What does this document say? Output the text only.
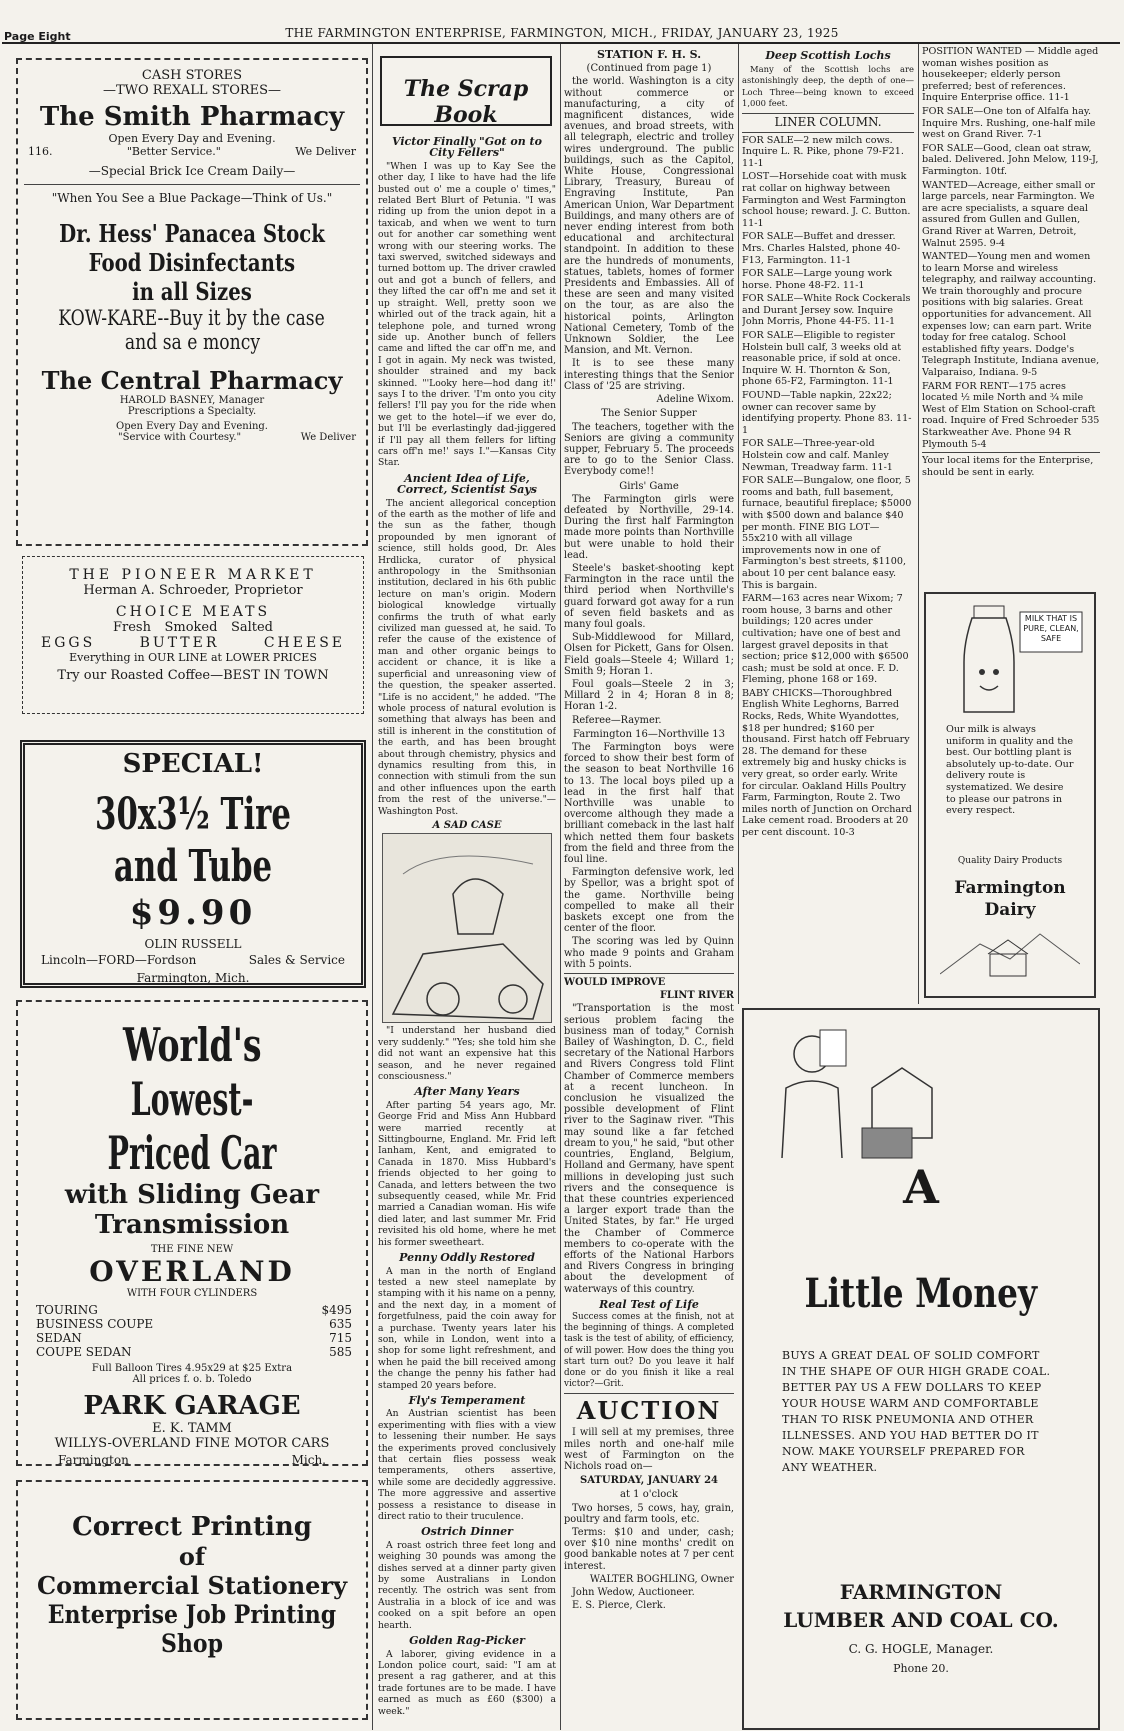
Page Eight	THE FARMINGTON ENTERPRISE, FARMINGTON, MICH., FRIDAY, JANUARY 23, 1925
CASH STORES
—TWO REXALL STORES—
The Smith Pharmacy
Open Every Day and Evening.
116.	"Better Service."	We Deliver
—Special Brick Ice Cream Daily—
"When You See a Blue Package—Think of Us."
Dr. Hess' Panacea Stock
Food Disinfectants
in all Sizes
KOW-KARE--Buy it by the case
and sa e monсy
The Central Pharmacy
HAROLD BASNEY, Manager
Prescriptions a Specialty.
Open Every Day and Evening.
"Service with Courtesy."	We Deliver
THE PIONEER MARKET
Herman A. Schroeder, Proprietor
CHOICE MEATS
Fresh Smoked Salted
EGGS	BUTTER	CHEESE
Everything in OUR LINE at LOWER PRICES
Try our Roasted Coffee—BEST IN TOWN
SPECIAL!
30x3½ Tire and Tube
$9.90
OLIN RUSSELL
Lincoln—FORD—Fordson	Sales & Service
Farmington, Mich.
World's
Lowest-Priced Car
with Sliding Gear
Transmission
THE FINE NEW
OVERLAND
WITH FOUR CYLINDERS
TOURING	$495
BUSINESS COUPE	635
SEDAN	715
COUPE SEDAN	585
Full Balloon Tires 4.95x29 at $25 Extra
All prices f. o. b. Toledo
PARK GARAGE
E. K. TAMM
WILLYS-OVERLAND FINE MOTOR CARS
Farmington	Mich.
Correct Printing
of
Commercial Stationery
Enterprise Job Printing Shop
The Scrap Book

Victor Finally "Got on to City Fellers"

"When I was up to Kay See the other day, I like to have had the life busted out o' me a couple o' times," related Bert Blurt of Petunia. "I was riding up from the union depot in a taxicab, and when we went to turn out for another car something went wrong with our steering works. The taxi swerved, switched sideways and turned bottom up. The driver crawled out and got a bunch of fellers, and they lifted the car off'n me and set it up straight. Well, pretty soon we whirled out of the track again, hit a telephone pole, and turned wrong side up. Another bunch of fellers came and lifted the car off'n me, and I got in again. My neck was twisted, shoulder strained and my back skinned. "'Looky here—hod dang it!' says I to the driver. 'I'm onto you city fellers! I'll pay you for the ride when we get to the hotel—if we ever do, but I'll be everlastingly dad-jiggered if I'll pay all them fellers for lifting cars off'n me!' says I."—Kansas City Star.

Ancient Idea of Life, Correct, Scientist Says

The ancient allegorical conception of the earth as the mother of life and the sun as the father, though propounded by men ignorant of science, still holds good, Dr. Ales Hrdlicka, curator of physical anthropology in the Smithsonian institution, declared in his 6th public lecture on man's origin. Modern biological knowledge virtually confirms the truth of what early civilized man guessed at, he said. To refer the cause of the existence of man and other organic beings to accident or chance, it is like a superficial and unreasoning view of the question, the speaker asserted. "Life is no accident," he added. "The whole process of natural evolution is something that always has been and still is inherent in the constitution of the earth, and has been brought about through chemistry, physics and dynamics resulting from this, in connection with stimuli from the sun and other influences upon the earth from the rest of the universe."—Washington Post.

A SAD CASE

"I understand her husband died very suddenly." "Yes; she told him she did not want an expensive hat this season, and he never regained consciousness."

After Many Years

After parting 54 years ago, Mr. George Frid and Miss Ann Hubbard were married recently at Sittingbourne, England. Mr. Frid left Ianham, Kent, and emigrated to Canada in 1870. Miss Hubbard's friends objected to her going to Canada, and letters between the two subsequently ceased, while Mr. Frid married a Canadian woman. His wife died later, and last summer Mr. Frid revisited his old home, where he met his former sweetheart.

Penny Oddly Restored

A man in the north of England tested a new steel nameplate by stamping with it his name on a penny, and the next day, in a moment of forgetfulness, paid the coin away for a purchase. Twenty years later his son, while in London, went into a shop for some light refreshment, and when he paid the bill received among the change the penny his father had stamped 20 years before.

Fly's Temperament

An Austrian scientist has been experimenting with flies with a view to lessening their number. He says the experiments proved conclusively that certain flies possess weak temperaments, others assertive, while some are decidedly aggressive. The more aggressive and assertive possess a resistance to disease in direct ratio to their truculence.

Ostrich Dinner

A roast ostrich three feet long and weighing 30 pounds was among the dishes served at a dinner party given by some Australians in London recently. The ostrich was sent from Australia in a block of ice and was cooked on a spit before an open hearth.

Golden Rag-Picker

A laborer, giving evidence in a London police court, said: "I am at present a rag gatherer, and at this trade fortunes are to be made. I have earned as much as £60 ($300) a week."

STATION F. H. S.

(Continued from page 1)

the world. Washington is a city without commerce or manufacturing, a city of magnificent distances, wide avenues, and broad streets, with all telegraph, electric and trolley wires underground. The public buildings, such as the Capitol, White House, Congressional Library, Treasury, Bureau of Engraving Institute, Pan American Union, War Department Buildings, and many others are of never ending interest from both educational and architectural standpoint. In addition to these are the hundreds of monuments, statues, tablets, homes of former Presidents and Embassies. All of these are seen and many visited on the tour, as are also the historical points, Arlington National Cemetery, Tomb of the Unknown Soldier, the Lee Mansion, and Mt. Vernon.

It is to see these many interesting things that the Senior Class of '25 are striving.

Adeline Wixom.

The Senior Supper

The teachers, together with the Seniors are giving a community supper, February 5. The proceeds are to go to the Senior Class. Everybody come!!

Girls' Game

The Farmington girls were defeated by Northville, 29-14. During the first half Farmington made more points than Northville but were unable to hold their lead.

Steele's basket-shooting kept Farmington in the race until the third period when Northville's guard forward got away for a run of seven field baskets and as many foul goals.

Sub-Middlewood for Millard, Olsen for Pickett, Gans for Olsen. Field goals—Steele 4; Willard 1; Smith 9; Horan 1.

Foul goals—Steele 2 in 3; Millard 2 in 4; Horan 8 in 8; Horan 1-2.

Referee—Raymer.

Farmington 16—Northville 13

The Farmington boys were forced to show their best form of the season to beat Northville 16 to 13. The local boys piled up a lead in the first half that Northville was unable to overcome although they made a brilliant comeback in the last half which netted them four baskets from the field and three from the foul line.

Farmington defensive work, led by Spellor, was a bright spot of the game. Northville being compelled to make all their baskets except one from the center of the floor.

The scoring was led by Quinn who made 9 points and Graham with 5 points.

WOULD IMPROVE

FLINT RIVER

"Transportation is the most serious problem facing the business man of today," Cornish Bailey of Washington, D. C., field secretary of the National Harbors and Rivers Congress told Flint Chamber of Commerce members at a recent luncheon. In conclusion he visualized the possible development of Flint river to the Saginaw river. "This may sound like a far fetched dream to you," he said, "but other countries, England, Belgium, Holland and Germany, have spent millions in developing just such rivers and the consequence is that these countries experienced a larger export trade than the United States, by far." He urged the Chamber of Commerce members to co-operate with the efforts of the National Harbors and Rivers Congress in bringing about the development of waterways of this country.

Real Test of Life

Success comes at the finish, not at the beginning of things. A completed task is the test of ability, of efficiency, of will power. How does the thing you start turn out? Do you leave it half done or do you finish it like a real victor?—Grit.

AUCTION

I will sell at my premises, three miles north and one-half mile west of Farmington on the Nichols road on—

SATURDAY, JANUARY 24

at 1 o'clock

Two horses, 5 cows, hay, grain, poultry and farm tools, etc.

Terms: $10 and under, cash; over $10 nine months' credit on good bankable notes at 7 per cent interest.

WALTER BOGHLING, Owner

John Wedow, Auctioneer.

E. S. Pierce, Clerk.

Deep Scottish Lochs

Many of the Scottish lochs are astonishingly deep, the depth of one—Loch Three—being known to exceed 1,000 feet.

LINER COLUMN.

FOR SALE—2 new milch cows. Inquire L. R. Pike, phone 79-F21. 11-1

LOST—Horsehide coat with musk rat collar on highway between Farmington and West Farmington school house; reward. J. C. Button. 11-1

FOR SALE—Buffet and dresser. Mrs. Charles Halsted, phone 40-F13, Farmington. 11-1

FOR SALE—Large young work horse. Phone 48-F2. 11-1

FOR SALE—White Rock Cockerals and Durant Jersey sow. Inquire John Morris, Phone 44-F5. 11-1

FOR SALE—Eligible to register Holstein bull calf, 3 weeks old at reasonable price, if sold at once. Inquire W. H. Thornton & Son, phone 65-F2, Farmington. 11-1

FOUND—Table napkin, 22x22; owner can recover same by identifying property. Phone 83. 11-1

FOR SALE—Three-year-old Holstein cow and calf. Manley Newman, Treadway farm. 11-1

FOR SALE—Bungalow, one floor, 5 rooms and bath, full basement, furnace, beautiful fireplace; $5000 with $500 down and balance $40 per month. FINE BIG LOT—55x210 with all village improvements now in one of Farmington's best streets, $1100, about 10 per cent balance easy. This is bargain.

FARM—163 acres near Wixom; 7 room house, 3 barns and other buildings; 120 acres under cultivation; have one of best and largest gravel deposits in that section; price $12,000 with $6500 cash; must be sold at once. F. D. Fleming, phone 168 or 169.

BABY CHICKS—Thoroughbred English White Leghorns, Barred Rocks, Reds, White Wyandottes, $18 per hundred; $160 per thousand. First hatch off February 28. The demand for these extremely big and husky chicks is very great, so order early. Write for circular. Oakland Hills Poultry Farm, Farmington, Route 2. Two miles north of Junction on Orchard Lake cement road. Brooders at 20 per cent discount. 10-3

POSITION WANTED — Middle aged woman wishes position as housekeeper; elderly person preferred; best of references. Inquire Enterprise office. 11-1

FOR SALE—One ton of Alfalfa hay. Inquire Mrs. Rushing, one-half mile west on Grand River. 7-1

FOR SALE—Good, clean oat straw, baled. Delivered. John Melow, 119-J, Farmington. 10tf.

WANTED—Acreage, either small or large parcels, near Farmington. We are acre specialists, a square deal assured from Gullen and Gullen, Grand River at Warren, Detroit, Walnut 2595. 9-4

WANTED—Young men and women to learn Morse and wireless telegraphy, and railway accounting. We train thoroughly and procure positions with big salaries. Great opportunities for advancement. All expenses low; can earn part. Write today for free catalog. School established fifty years. Dodge's Telegraph Institute, Indiana avenue, Valparaiso, Indiana. 9-5

FARM FOR RENT—175 acres located ½ mile North and ¾ mile West of Elm Station on School-craft road. Inquire of Fred Schroeder 535 Starkweather Ave. Phone 94 R Plymouth 5-4

Your local items for the Enterprise, should be sent in early.

MILK THAT IS PURE, CLEAN, SAFE
Our milk is always uniform in quality and the best. Our bottling plant is absolutely up-to-date. Our delivery route is systematized. We desire to please our patrons in every respect.
Quality Dairy Products
Farmington
Dairy
A
Little Money
BUYS A GREAT DEAL OF SOLID COMFORT IN THE SHAPE OF OUR HIGH GRADE COAL. BETTER PAY US A FEW DOLLARS TO KEEP YOUR HOUSE WARM AND COMFORTABLE THAN TO RISK PNEUMONIA AND OTHER ILLNESSES. AND YOU HAD BETTER DO IT NOW. MAKE YOURSELF PREPARED FOR ANY WEATHER.
FARMINGTON
LUMBER AND COAL CO.
C. G. HOGLE, Manager.
Phone 20.
